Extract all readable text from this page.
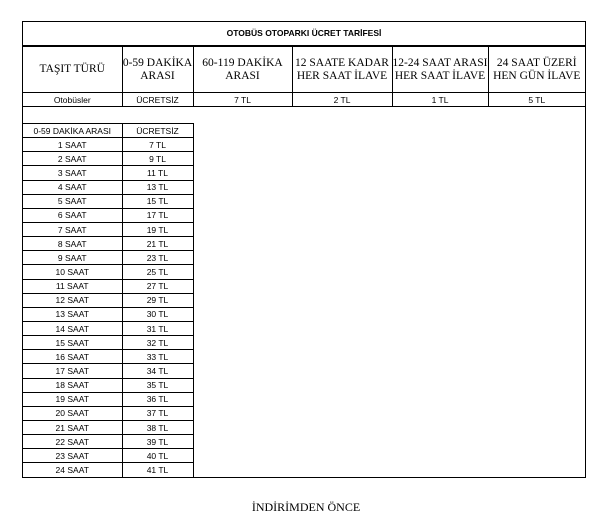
OTOBÜS OTOPARKI ÜCRET TARİFESİ
TAŞIT TÜRÜ	0-59 DAKİKA ARASI	60-119 DAKİKA ARASI	12 SAATE KADAR HER SAAT İLAVE	12-24 SAAT ARASI HER SAAT İLAVE	24 SAAT ÜZERİ HEN GÜN İLAVE
Otobüsler	ÜCRETSİZ	7 TL	2 TL	1 TL	5 TL
0-59 DAKİKA ARASI	ÜCRETSİZ
1 SAAT	7 TL
2 SAAT	9 TL
3 SAAT	11 TL
4 SAAT	13 TL
5 SAAT	15 TL
6 SAAT	17 TL
7 SAAT	19 TL
8 SAAT	21 TL
9 SAAT	23 TL
10 SAAT	25 TL
11 SAAT	27 TL
12 SAAT	29 TL
13 SAAT	30 TL
14 SAAT	31 TL
15 SAAT	32 TL
16 SAAT	33 TL
17 SAAT	34 TL
18 SAAT	35 TL
19 SAAT	36 TL
20 SAAT	37 TL
21 SAAT	38 TL
22 SAAT	39 TL
23 SAAT	40 TL
24 SAAT	41 TL
İNDİRİMDEN ÖNCE
